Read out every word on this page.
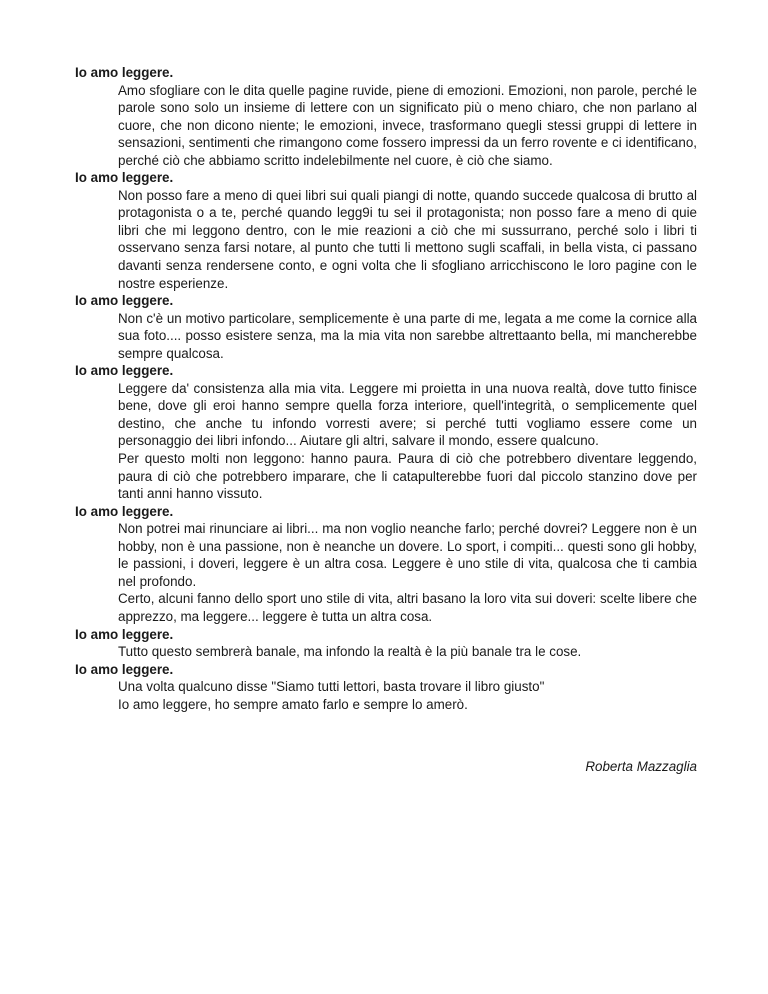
Io amo leggere.

Amo sfogliare con le dita quelle pagine ruvide, piene di emozioni. Emozioni, non parole, perché le parole sono solo un insieme di lettere con un significato più o meno chiaro, che non parlano al cuore, che non dicono niente; le emozioni, invece, trasformano quegli stessi gruppi di lettere in sensazioni, sentimenti che rimangono come fossero impressi da un ferro rovente e ci identificano, perché ciò che abbiamo scritto indelebilmente nel cuore, è ciò che siamo.

Io amo leggere.

Non posso fare a meno di quei libri sui quali piangi di notte, quando succede qualcosa di brutto al protagonista o a te, perché quando legg9i tu sei il protagonista; non posso fare a meno di quie libri che mi leggono dentro, con le mie reazioni a ciò che mi sussurrano, perché solo i libri ti osservano senza farsi notare, al punto che tutti li mettono sugli scaffali, in bella vista, ci passano davanti senza rendersene conto, e ogni volta che li sfogliano arricchiscono le loro pagine con le nostre esperienze.

Io amo leggere.

Non c'è un motivo particolare, semplicemente è una parte di me, legata a me come la cornice alla sua foto.... posso esistere senza, ma la mia vita non sarebbe altrettaanto bella, mi mancherebbe sempre qualcosa.

Io amo leggere.

Leggere da' consistenza alla mia vita. Leggere mi proietta in una nuova realtà, dove tutto finisce bene, dove gli eroi hanno sempre quella forza interiore, quell'integrità, o semplicemente quel destino, che anche tu infondo vorresti avere; si perché tutti vogliamo essere come un personaggio dei libri infondo... Aiutare gli altri, salvare il mondo, essere qualcuno.

Per questo molti non leggono: hanno paura. Paura di ciò che potrebbero diventare leggendo, paura di ciò che potrebbero imparare, che li catapulterebbe fuori dal piccolo stanzino dove per tanti anni hanno vissuto.

Io amo leggere.

Non potrei mai rinunciare ai libri... ma non voglio neanche farlo; perché dovrei? Leggere non è un hobby, non è una passione, non è neanche un dovere. Lo sport, i compiti... questi sono gli hobby, le passioni, i doveri, leggere è un altra cosa. Leggere è uno stile di vita, qualcosa che ti cambia nel profondo.

Certo, alcuni fanno dello sport uno stile di vita, altri basano la loro vita sui doveri: scelte libere che apprezzo, ma leggere... leggere è tutta un altra cosa.

Io amo leggere.

Tutto questo sembrerà banale, ma infondo la realtà è la più banale tra le cose.

Io amo leggere.

Una volta qualcuno disse "Siamo tutti lettori, basta trovare il libro giusto"

Io amo leggere, ho sempre amato farlo e sempre lo amerò.

Roberta Mazzaglia
